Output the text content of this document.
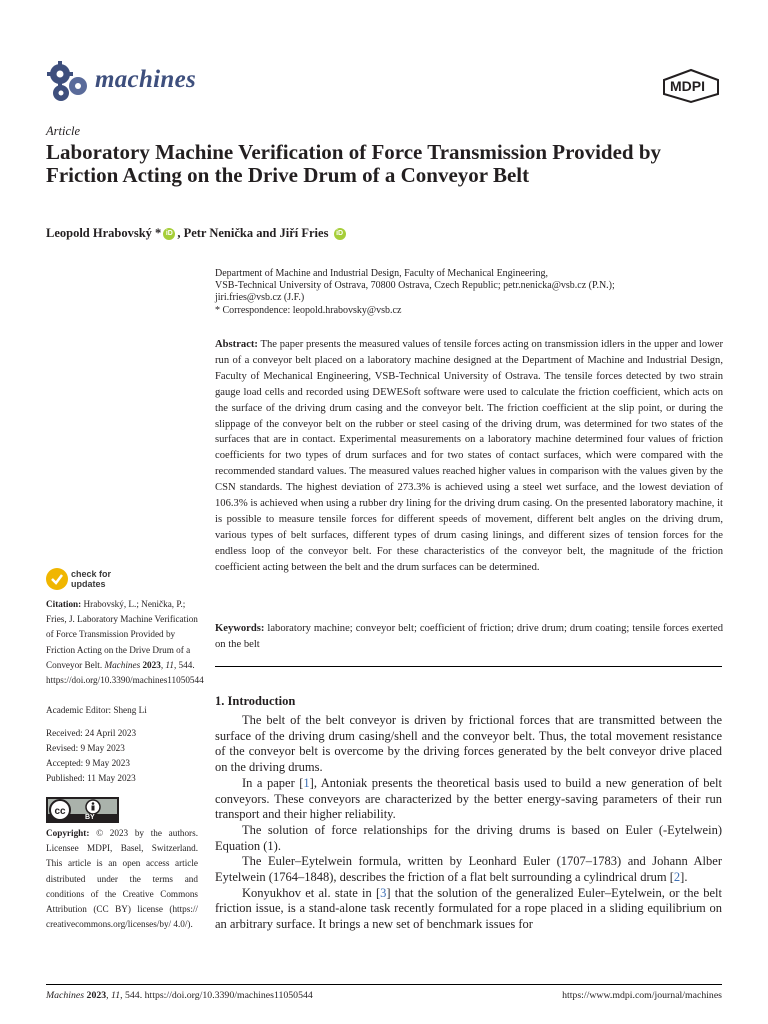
machines	MDPI
Article
Laboratory Machine Verification of Force Transmission Provided by Friction Acting on the Drive Drum of a Conveyor Belt
Leopold Hrabovský * iD , Petr Nenička and Jiří Fries iD
Department of Machine and Industrial Design, Faculty of Mechanical Engineering,
VSB-Technical University of Ostrava, 70800 Ostrava, Czech Republic; petr.nenicka@vsb.cz (P.N.);
jiri.fries@vsb.cz (J.F.)
* Correspondence: leopold.hrabovsky@vsb.cz
Abstract: The paper presents the measured values of tensile forces acting on transmission idlers in the upper and lower run of a conveyor belt placed on a laboratory machine designed at the Department of Machine and Industrial Design, Faculty of Mechanical Engineering, VSB-Technical University of Ostrava. The tensile forces detected by two strain gauge load cells and recorded using DEWESoft software were used to calculate the friction coefficient, which acts on the surface of the driving drum casing and the conveyor belt. The friction coefficient at the slip point, or during the slippage of the conveyor belt on the rubber or steel casing of the driving drum, was determined for two states of the surfaces that are in contact. Experimental measurements on a laboratory machine determined four values of friction coefficients for two types of drum surfaces and for two states of contact surfaces, which were compared with the recommended standard values. The measured values reached higher values in comparison with the values given by the CSN standards. The highest deviation of 273.3% is achieved using a steel wet surface, and the lowest deviation of 106.3% is achieved when using a rubber dry lining for the driving drum casing. On the presented laboratory machine, it is possible to measure tensile forces for different speeds of movement, different belt angles on the driving drum, various types of belt surfaces, different types of drum casing linings, and different sizes of tension forces for the endless loop of the conveyor belt. For these characteristics of the conveyor belt, the magnitude of the friction coefficient acting between the belt and the drum surfaces can be determined.
Keywords: laboratory machine; conveyor belt; coefficient of friction; drive drum; drum coating; tensile forces exerted on the belt
1. Introduction

The belt of the belt conveyor is driven by frictional forces that are transmitted between the surface of the driving drum casing/shell and the conveyor belt. Thus, the total movement resistance of the conveyor belt is overcome by the driving forces generated by the belt conveyor drive placed on the driving drums.

In a paper [1], Antoniak presents the theoretical basis used to build a new generation of belt conveyors. These conveyors are characterized by the better energy-saving parameters of their run transport and their higher reliability.

The solution of force relationships for the driving drums is based on Euler (-Eytelwein) Equation (1).

The Euler–Eytelwein formula, written by Leonhard Euler (1707–1783) and Johann Alber Eytelwein (1764–1848), describes the friction of a flat belt surrounding a cylindrical drum [2].

Konyukhov et al. state in [3] that the solution of the generalized Euler–Eytelwein, or the belt friction issue, is a stand-alone task recently formulated for a rope placed in a sliding equilibrium on an arbitrary surface. It brings a new set of benchmark issues for

check for
updates
Citation: Hrabovský, L.; Nenička, P.; Fries, J. Laboratory Machine Verification of Force Transmission Provided by Friction Acting on the Drive Drum of a Conveyor Belt. Machines 2023, 11, 544. https://doi.org/10.3390/machines11050544
Academic Editor: Sheng Li
Received: 24 April 2023
Revised: 9 May 2023
Accepted: 9 May 2023
Published: 11 May 2023
cc
BY
Copyright: © 2023 by the authors. Licensee MDPI, Basel, Switzerland. This article is an open access article distributed under the terms and conditions of the Creative Commons Attribution (CC BY) license (https:// creativecommons.org/licenses/by/ 4.0/).
Machines 2023, 11, 544. https://doi.org/10.3390/machines11050544	https://www.mdpi.com/journal/machines
